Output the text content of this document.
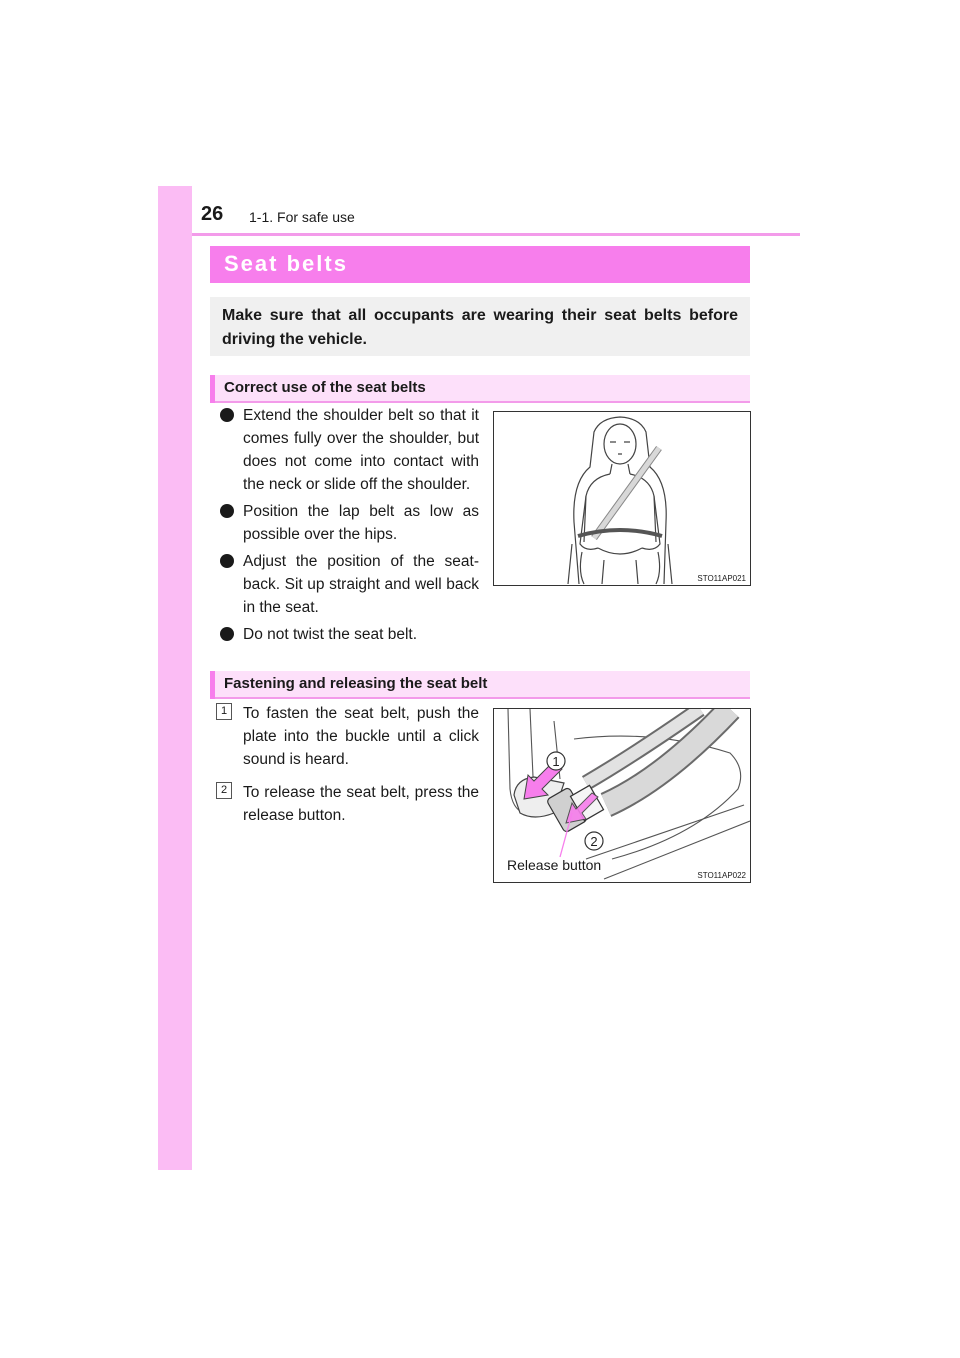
26 1-1. For safe use
Seat belts
Make sure that all occupants are wearing their seat belts before driving the vehicle.
Correct use of the seat belts
Extend the shoulder belt so that it comes fully over the shoulder, but does not come into contact with the neck or slide off the shoulder.
Position the lap belt as low as possible over the hips.
Adjust the position of the seat-back. Sit up straight and well back in the seat.
Do not twist the seat belt.
STO11AP021
Fastening and releasing the seat belt
1	To fasten the seat belt, push the plate into the buckle until a click sound is heard.
2	To release the seat belt, press the release button.
1
2
Release button
STO11AP022
